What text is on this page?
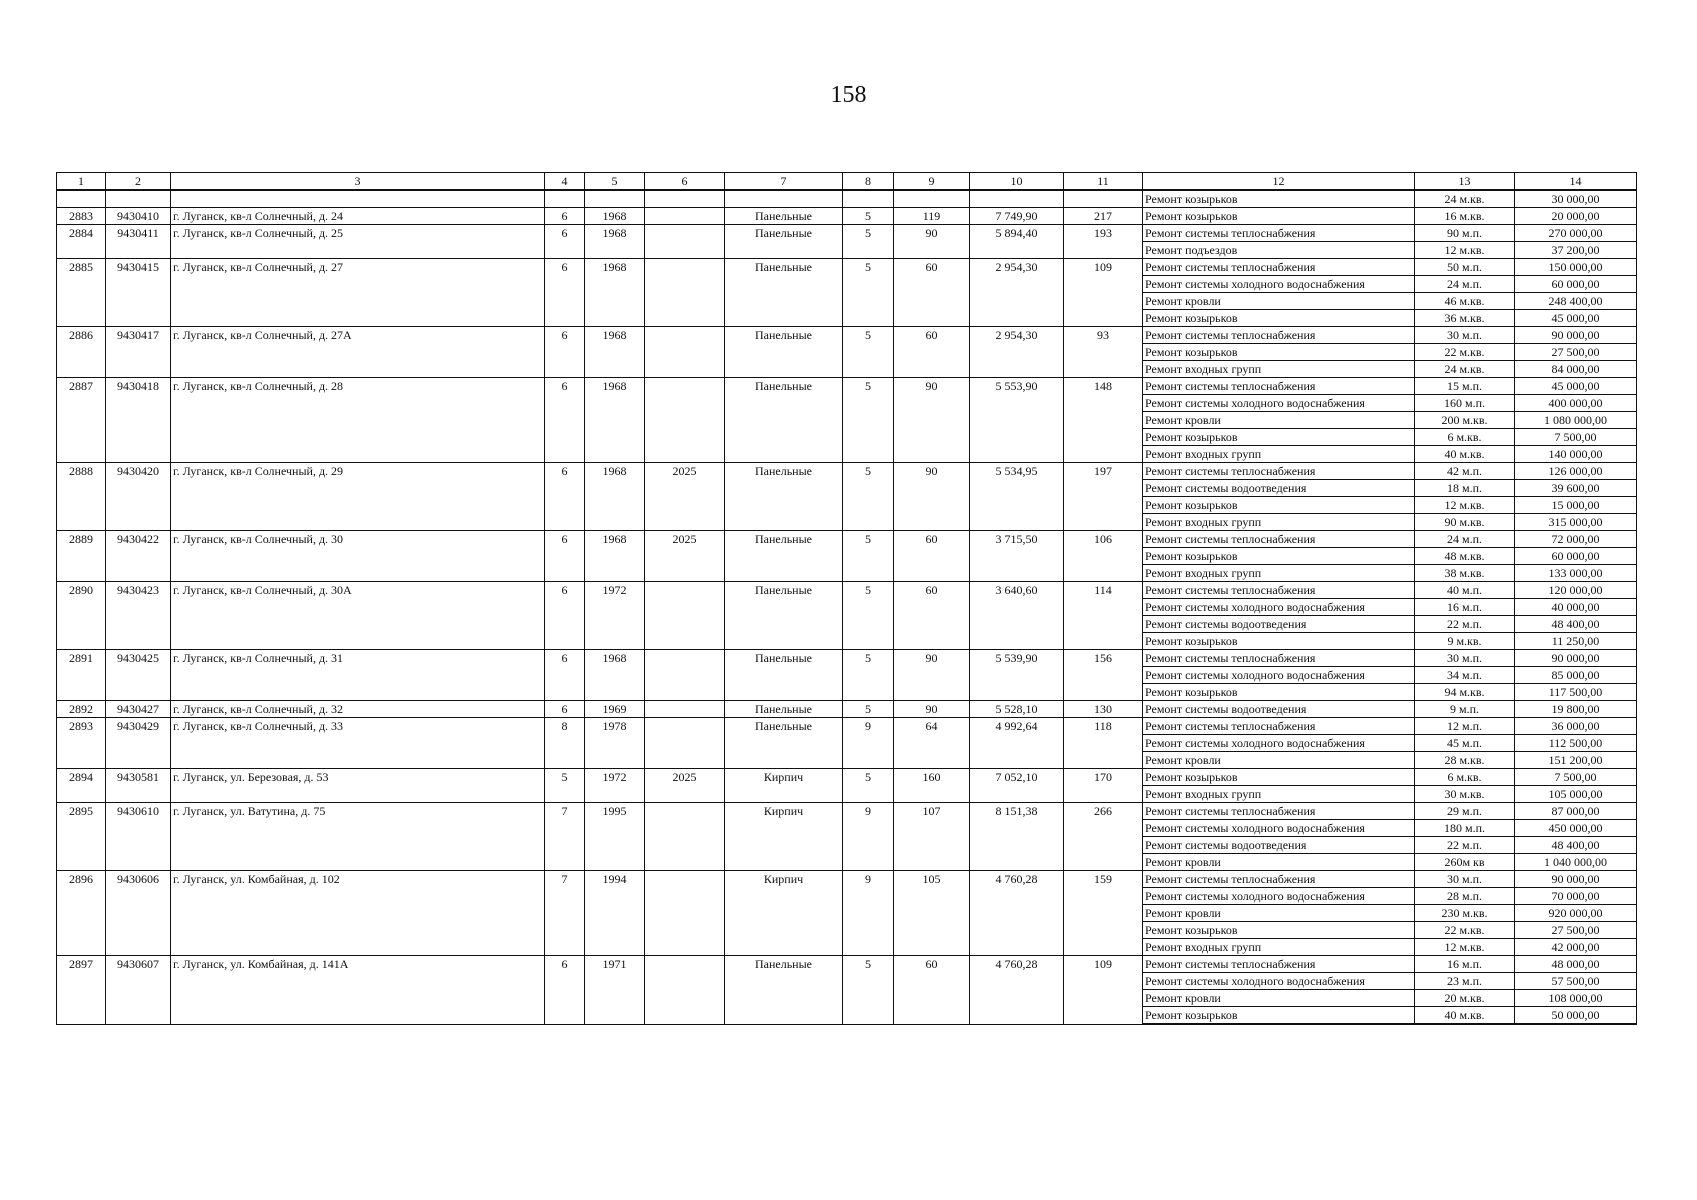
158
1	2	3	4	5	6	7	8	9	10	11	12	13	14
											Ремонт козырьков	24 м.кв.	30 000,00
2883	9430410	г. Луганск, кв-л Солнечный, д. 24	6	1968		Панельные	5	119	7 749,90	217	Ремонт козырьков	16 м.кв.	20 000,00
2884	9430411	г. Луганск, кв-л Солнечный, д. 25	6	1968		Панельные	5	90	5 894,40	193	Ремонт системы теплоснабжения	90 м.п.	270 000,00
											Ремонт подъездов	12 м.кв.	37 200,00
2885	9430415	г. Луганск, кв-л Солнечный, д. 27	6	1968		Панельные	5	60	2 954,30	109	Ремонт системы теплоснабжения	50 м.п.	150 000,00
											Ремонт системы холодного водоснабжения	24 м.п.	60 000,00
											Ремонт кровли	46 м.кв.	248 400,00
											Ремонт козырьков	36 м.кв.	45 000,00
2886	9430417	г. Луганск, кв-л Солнечный, д. 27А	6	1968		Панельные	5	60	2 954,30	93	Ремонт системы теплоснабжения	30 м.п.	90 000,00
											Ремонт козырьков	22 м.кв.	27 500,00
											Ремонт входных групп	24 м.кв.	84 000,00
2887	9430418	г. Луганск, кв-л Солнечный, д. 28	6	1968		Панельные	5	90	5 553,90	148	Ремонт системы теплоснабжения	15 м.п.	45 000,00
											Ремонт системы холодного водоснабжения	160 м.п.	400 000,00
											Ремонт кровли	200 м.кв.	1 080 000,00
											Ремонт козырьков	6 м.кв.	7 500,00
											Ремонт входных групп	40 м.кв.	140 000,00
2888	9430420	г. Луганск, кв-л Солнечный, д. 29	6	1968	2025	Панельные	5	90	5 534,95	197	Ремонт системы теплоснабжения	42 м.п.	126 000,00
											Ремонт системы водоотведения	18 м.п.	39 600,00
											Ремонт козырьков	12 м.кв.	15 000,00
											Ремонт входных групп	90 м.кв.	315 000,00
2889	9430422	г. Луганск, кв-л Солнечный, д. 30	6	1968	2025	Панельные	5	60	3 715,50	106	Ремонт системы теплоснабжения	24 м.п.	72 000,00
											Ремонт козырьков	48 м.кв.	60 000,00
											Ремонт входных групп	38 м.кв.	133 000,00
2890	9430423	г. Луганск, кв-л Солнечный, д. 30А	6	1972		Панельные	5	60	3 640,60	114	Ремонт системы теплоснабжения	40 м.п.	120 000,00
											Ремонт системы холодного водоснабжения	16 м.п.	40 000,00
											Ремонт системы водоотведения	22 м.п.	48 400,00
											Ремонт козырьков	9 м.кв.	11 250,00
2891	9430425	г. Луганск, кв-л Солнечный, д. 31	6	1968		Панельные	5	90	5 539,90	156	Ремонт системы теплоснабжения	30 м.п.	90 000,00
											Ремонт системы холодного водоснабжения	34 м.п.	85 000,00
											Ремонт козырьков	94 м.кв.	117 500,00
2892	9430427	г. Луганск, кв-л Солнечный, д. 32	6	1969		Панельные	5	90	5 528,10	130	Ремонт системы водоотведения	9 м.п.	19 800,00
2893	9430429	г. Луганск, кв-л Солнечный, д. 33	8	1978		Панельные	9	64	4 992,64	118	Ремонт системы теплоснабжения	12 м.п.	36 000,00
											Ремонт системы холодного водоснабжения	45 м.п.	112 500,00
											Ремонт кровли	28 м.кв.	151 200,00
2894	9430581	г. Луганск, ул. Березовая, д. 53	5	1972	2025	Кирпич	5	160	7 052,10	170	Ремонт козырьков	6 м.кв.	7 500,00
											Ремонт входных групп	30 м.кв.	105 000,00
2895	9430610	г. Луганск, ул. Ватутина, д. 75	7	1995		Кирпич	9	107	8 151,38	266	Ремонт системы теплоснабжения	29 м.п.	87 000,00
											Ремонт системы холодного водоснабжения	180 м.п.	450 000,00
											Ремонт системы водоотведения	22 м.п.	48 400,00
											Ремонт кровли	260м кв	1 040 000,00
2896	9430606	г. Луганск, ул. Комбайная, д. 102	7	1994		Кирпич	9	105	4 760,28	159	Ремонт системы теплоснабжения	30 м.п.	90 000,00
											Ремонт системы холодного водоснабжения	28 м.п.	70 000,00
											Ремонт кровли	230 м.кв.	920 000,00
											Ремонт козырьков	22 м.кв.	27 500,00
											Ремонт входных групп	12 м.кв.	42 000,00
2897	9430607	г. Луганск, ул. Комбайная, д. 141А	6	1971		Панельные	5	60	4 760,28	109	Ремонт системы теплоснабжения	16 м.п.	48 000,00
											Ремонт системы холодного водоснабжения	23 м.п.	57 500,00
											Ремонт кровли	20 м.кв.	108 000,00
											Ремонт козырьков	40 м.кв.	50 000,00
